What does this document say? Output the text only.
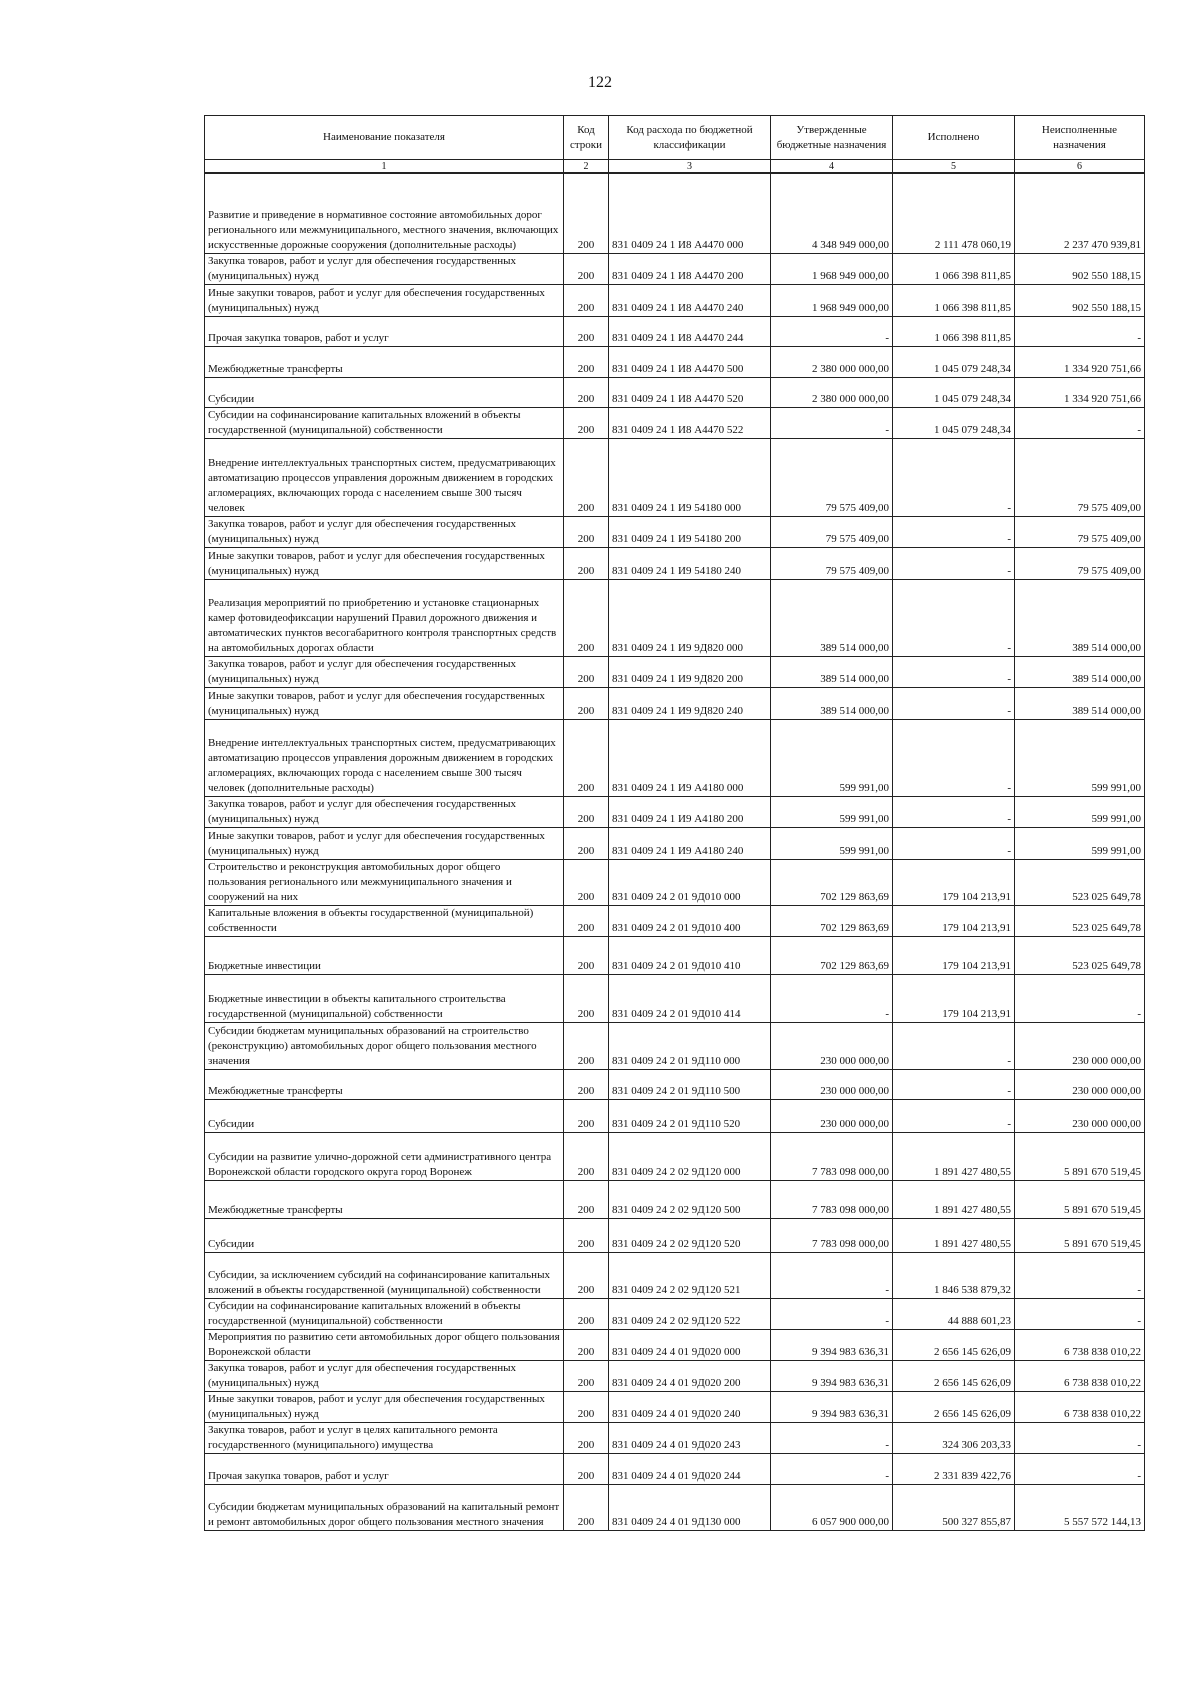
122
Наименование показателя	Код строки	Код расхода по бюджетной классификации	Утвержденные бюджетные назначения	Исполнено	Неисполненные назначения
1	2	3	4	5	6
Развитие и приведение в нормативное состояние автомобильных дорог регионального или межмуниципального, местного значения, включающих искусственные дорожные сооружения (дополнительные расходы)	200	831 0409 24 1 И8 А4470 000	4 348 949 000,00	2 111 478 060,19	2 237 470 939,81
Закупка товаров, работ и услуг для обеспечения государственных (муниципальных) нужд	200	831 0409 24 1 И8 А4470 200	1 968 949 000,00	1 066 398 811,85	902 550 188,15
Иные закупки товаров, работ и услуг для обеспечения государственных (муниципальных) нужд	200	831 0409 24 1 И8 А4470 240	1 968 949 000,00	1 066 398 811,85	902 550 188,15
Прочая закупка товаров, работ и услуг	200	831 0409 24 1 И8 А4470 244	-	1 066 398 811,85	-
Межбюджетные трансферты	200	831 0409 24 1 И8 А4470 500	2 380 000 000,00	1 045 079 248,34	1 334 920 751,66
Субсидии	200	831 0409 24 1 И8 А4470 520	2 380 000 000,00	1 045 079 248,34	1 334 920 751,66
Субсидии на софинансирование капитальных вложений в объекты государственной (муниципальной) собственности	200	831 0409 24 1 И8 А4470 522	-	1 045 079 248,34	-
Внедрение интеллектуальных транспортных систем, предусматривающих автоматизацию процессов управления дорожным движением в городских агломерациях, включающих города с населением свыше 300 тысяч человек	200	831 0409 24 1 И9 54180 000	79 575 409,00	-	79 575 409,00
Закупка товаров, работ и услуг для обеспечения государственных (муниципальных) нужд	200	831 0409 24 1 И9 54180 200	79 575 409,00	-	79 575 409,00
Иные закупки товаров, работ и услуг для обеспечения государственных (муниципальных) нужд	200	831 0409 24 1 И9 54180 240	79 575 409,00	-	79 575 409,00
Реализация мероприятий по приобретению и установке стационарных камер фотовидеофиксации нарушений Правил дорожного движения и автоматических пунктов весогабаритного контроля транспортных средств на автомобильных дорогах области	200	831 0409 24 1 И9 9Д820 000	389 514 000,00	-	389 514 000,00
Закупка товаров, работ и услуг для обеспечения государственных (муниципальных) нужд	200	831 0409 24 1 И9 9Д820 200	389 514 000,00	-	389 514 000,00
Иные закупки товаров, работ и услуг для обеспечения государственных (муниципальных) нужд	200	831 0409 24 1 И9 9Д820 240	389 514 000,00	-	389 514 000,00
Внедрение интеллектуальных транспортных систем, предусматривающих автоматизацию процессов управления дорожным движением в городских агломерациях, включающих города с населением свыше 300 тысяч человек (дополнительные расходы)	200	831 0409 24 1 И9 А4180 000	599 991,00	-	599 991,00
Закупка товаров, работ и услуг для обеспечения государственных (муниципальных) нужд	200	831 0409 24 1 И9 А4180 200	599 991,00	-	599 991,00
Иные закупки товаров, работ и услуг для обеспечения государственных (муниципальных) нужд	200	831 0409 24 1 И9 А4180 240	599 991,00	-	599 991,00
Строительство и реконструкция автомобильных дорог общего пользования регионального или межмуниципального значения и сооружений на них	200	831 0409 24 2 01 9Д010 000	702 129 863,69	179 104 213,91	523 025 649,78
Капитальные вложения в объекты государственной (муниципальной) собственности	200	831 0409 24 2 01 9Д010 400	702 129 863,69	179 104 213,91	523 025 649,78
Бюджетные инвестиции	200	831 0409 24 2 01 9Д010 410	702 129 863,69	179 104 213,91	523 025 649,78
Бюджетные инвестиции в объекты капитального строительства государственной (муниципальной) собственности	200	831 0409 24 2 01 9Д010 414	-	179 104 213,91	-
Субсидии бюджетам муниципальных образований на строительство (реконструкцию) автомобильных дорог общего пользования местного значения	200	831 0409 24 2 01 9Д110 000	230 000 000,00	-	230 000 000,00
Межбюджетные трансферты	200	831 0409 24 2 01 9Д110 500	230 000 000,00	-	230 000 000,00
Субсидии	200	831 0409 24 2 01 9Д110 520	230 000 000,00	-	230 000 000,00
Субсидии на развитие улично-дорожной сети административного центра Воронежской области городского округа город Воронеж	200	831 0409 24 2 02 9Д120 000	7 783 098 000,00	1 891 427 480,55	5 891 670 519,45
Межбюджетные трансферты	200	831 0409 24 2 02 9Д120 500	7 783 098 000,00	1 891 427 480,55	5 891 670 519,45
Субсидии	200	831 0409 24 2 02 9Д120 520	7 783 098 000,00	1 891 427 480,55	5 891 670 519,45
Субсидии, за исключением субсидий на софинансирование капитальных вложений в объекты государственной (муниципальной) собственности	200	831 0409 24 2 02 9Д120 521	-	1 846 538 879,32	-
Субсидии на софинансирование капитальных вложений в объекты государственной (муниципальной) собственности	200	831 0409 24 2 02 9Д120 522	-	44 888 601,23	-
Мероприятия по развитию сети автомобильных дорог общего пользования Воронежской области	200	831 0409 24 4 01 9Д020 000	9 394 983 636,31	2 656 145 626,09	6 738 838 010,22
Закупка товаров, работ и услуг для обеспечения государственных (муниципальных) нужд	200	831 0409 24 4 01 9Д020 200	9 394 983 636,31	2 656 145 626,09	6 738 838 010,22
Иные закупки товаров, работ и услуг для обеспечения государственных (муниципальных) нужд	200	831 0409 24 4 01 9Д020 240	9 394 983 636,31	2 656 145 626,09	6 738 838 010,22
Закупка товаров, работ и услуг в целях капитального ремонта государственного (муниципального) имущества	200	831 0409 24 4 01 9Д020 243	-	324 306 203,33	-
Прочая закупка товаров, работ и услуг	200	831 0409 24 4 01 9Д020 244	-	2 331 839 422,76	-
Субсидии бюджетам муниципальных образований на капитальный ремонт и ремонт автомобильных дорог общего пользования местного значения	200	831 0409 24 4 01 9Д130 000	6 057 900 000,00	500 327 855,87	5 557 572 144,13
